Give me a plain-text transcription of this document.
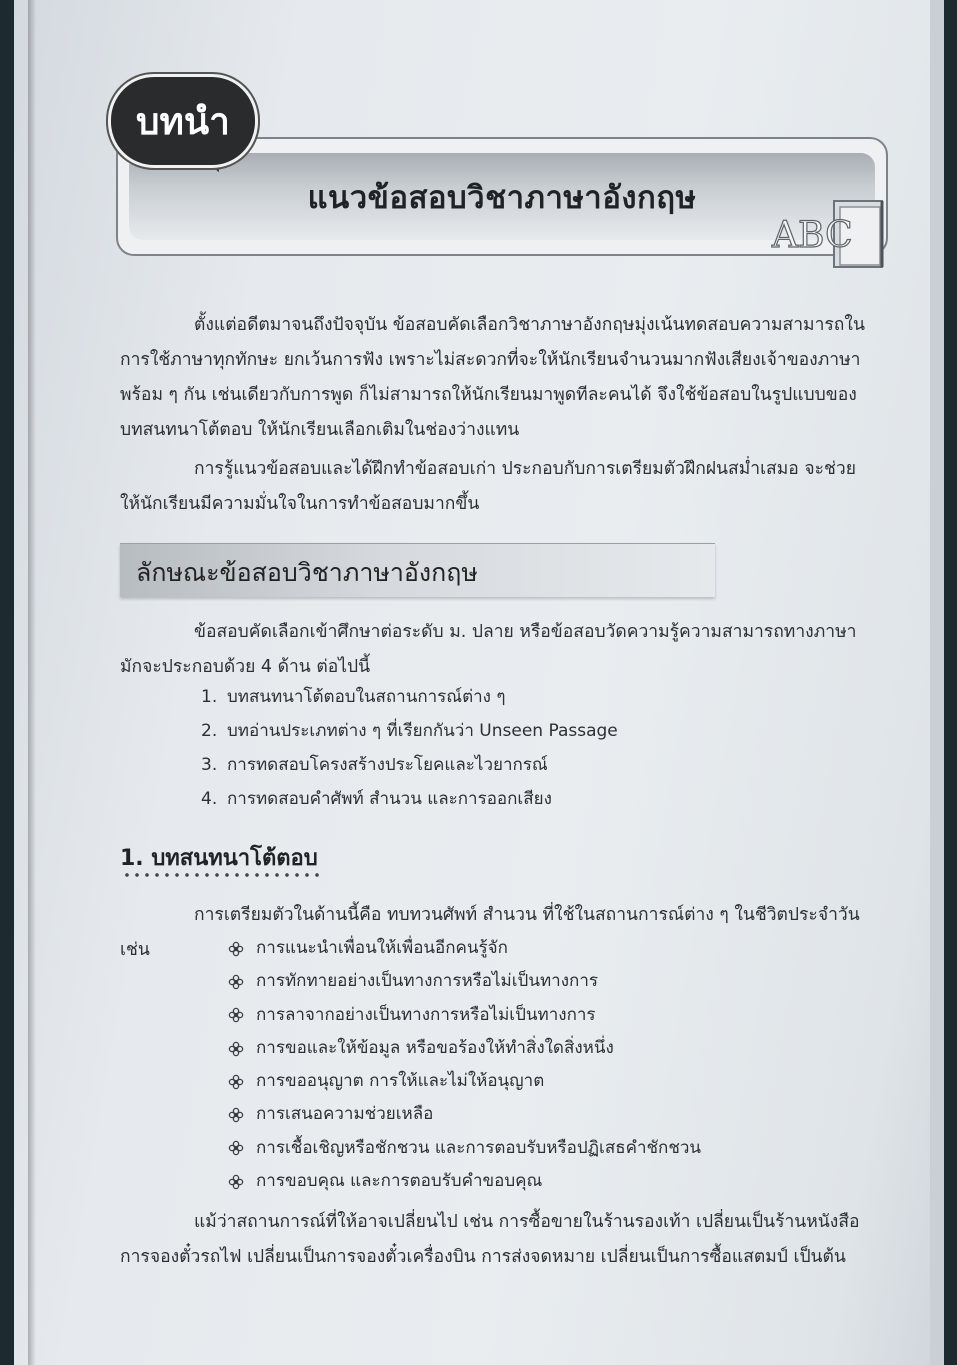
แนวข้อสอบวิชาภาษาอังกฤษ
บทนำ
ABC

ตั้งแต่อดีตมาจนถึงปัจจุบัน ข้อสอบคัดเลือกวิชาภาษาอังกฤษมุ่งเน้นทดสอบความสามารถใน
การใช้ภาษาทุกทักษะ ยกเว้นการฟัง เพราะไม่สะดวกที่จะให้นักเรียนจำนวนมากฟังเสียงเจ้าของภาษา
พร้อม ๆ กัน เช่นเดียวกับการพูด ก็ไม่สามารถให้นักเรียนมาพูดทีละคนได้ จึงใช้ข้อสอบในรูปแบบของ
บทสนทนาโต้ตอบ ให้นักเรียนเลือกเติมในช่องว่างแทน

การรู้แนวข้อสอบและได้ฝึกทำข้อสอบเก่า ประกอบกับการเตรียมตัวฝึกฝนสม่ำเสมอ จะช่วย
ให้นักเรียนมีความมั่นใจในการทำข้อสอบมากขึ้น

ลักษณะข้อสอบวิชาภาษาอังกฤษ

ข้อสอบคัดเลือกเข้าศึกษาต่อระดับ ม. ปลาย หรือข้อสอบวัดความรู้ความสามารถทางภาษา
มักจะประกอบด้วย 4 ด้าน ต่อไปนี้

1. บทสนทนาโต้ตอบในสถานการณ์ต่าง ๆ
2. บทอ่านประเภทต่าง ๆ ที่เรียกกันว่า Unseen Passage
3. การทดสอบโครงสร้างประโยคและไวยากรณ์
4. การทดสอบคำศัพท์ สำนวน และการออกเสียง
1. บทสนทนาโต้ตอบ

การเตรียมตัวในด้านนี้คือ ทบทวนศัพท์ สำนวน ที่ใช้ในสถานการณ์ต่าง ๆ ในชีวิตประจำวัน เช่น	การแนะนำเพื่อนให้เพื่อนอีกคนรู้จัก
การทักทายอย่างเป็นทางการหรือไม่เป็นทางการ
การลาจากอย่างเป็นทางการหรือไม่เป็นทางการ
การขอและให้ข้อมูล หรือขอร้องให้ทำสิ่งใดสิ่งหนึ่ง
การขออนุญาต การให้และไม่ให้อนุญาต
การเสนอความช่วยเหลือ
การเชื้อเชิญหรือชักชวน และการตอบรับหรือปฏิเสธคำชักชวน
การขอบคุณ และการตอบรับคำขอบคุณ

แม้ว่าสถานการณ์ที่ให้อาจเปลี่ยนไป เช่น การซื้อขายในร้านรองเท้า เปลี่ยนเป็นร้านหนังสือ
การจองตั๋วรถไฟ เปลี่ยนเป็นการจองตั๋วเครื่องบิน การส่งจดหมาย เปลี่ยนเป็นการซื้อแสตมป์ เป็นต้น
